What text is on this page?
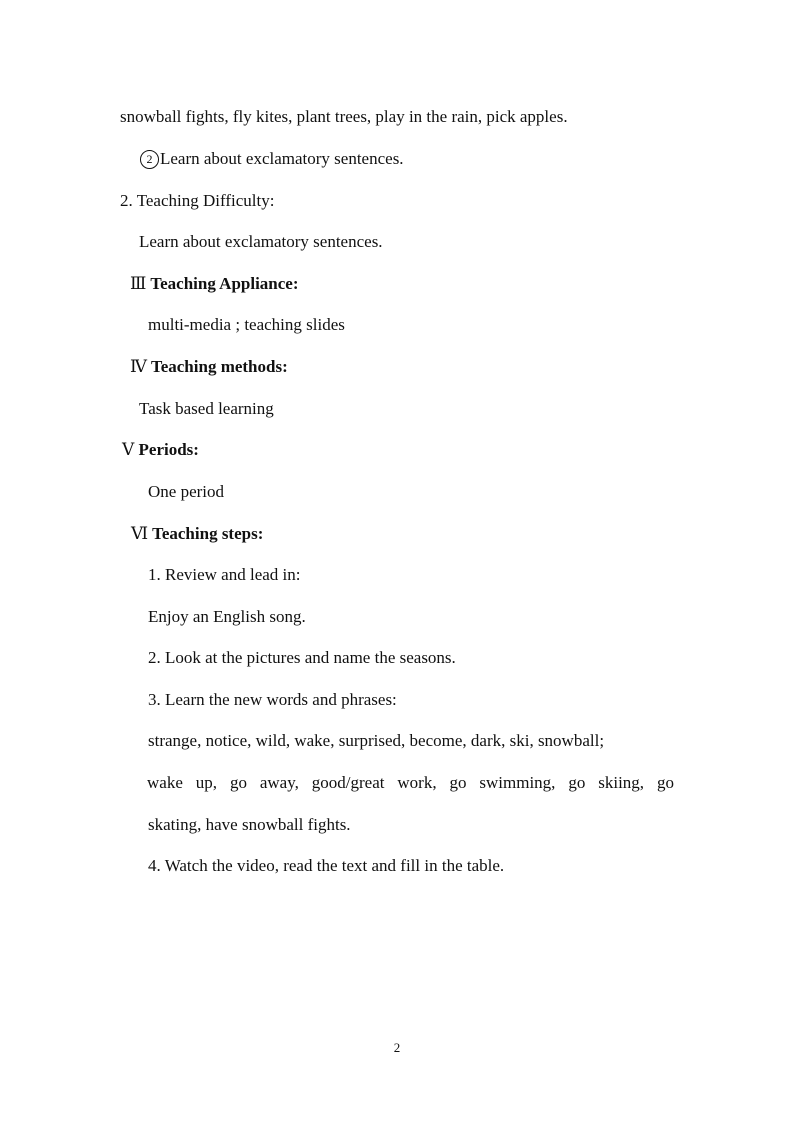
snowball fights, fly kites, plant trees, play in the rain, pick apples.
2 Learn about exclamatory sentences.
2. Teaching Difficulty:
Learn about exclamatory sentences.
Ⅲ Teaching Appliance:
multi-media ; teaching slides
Ⅳ Teaching methods:
Task based learning
Ⅴ Periods:
One period
Ⅵ Teaching steps:
1. Review and lead in:
Enjoy an English song.
2. Look at the pictures and name the seasons.
3. Learn the new words and phrases:
strange, notice, wild, wake, surprised, become, dark, ski, snowball;
wake up, go away, good/great work, go swimming, go skiing, go
skating, have snowball fights.
4. Watch the video, read the text and fill in the table.
2
